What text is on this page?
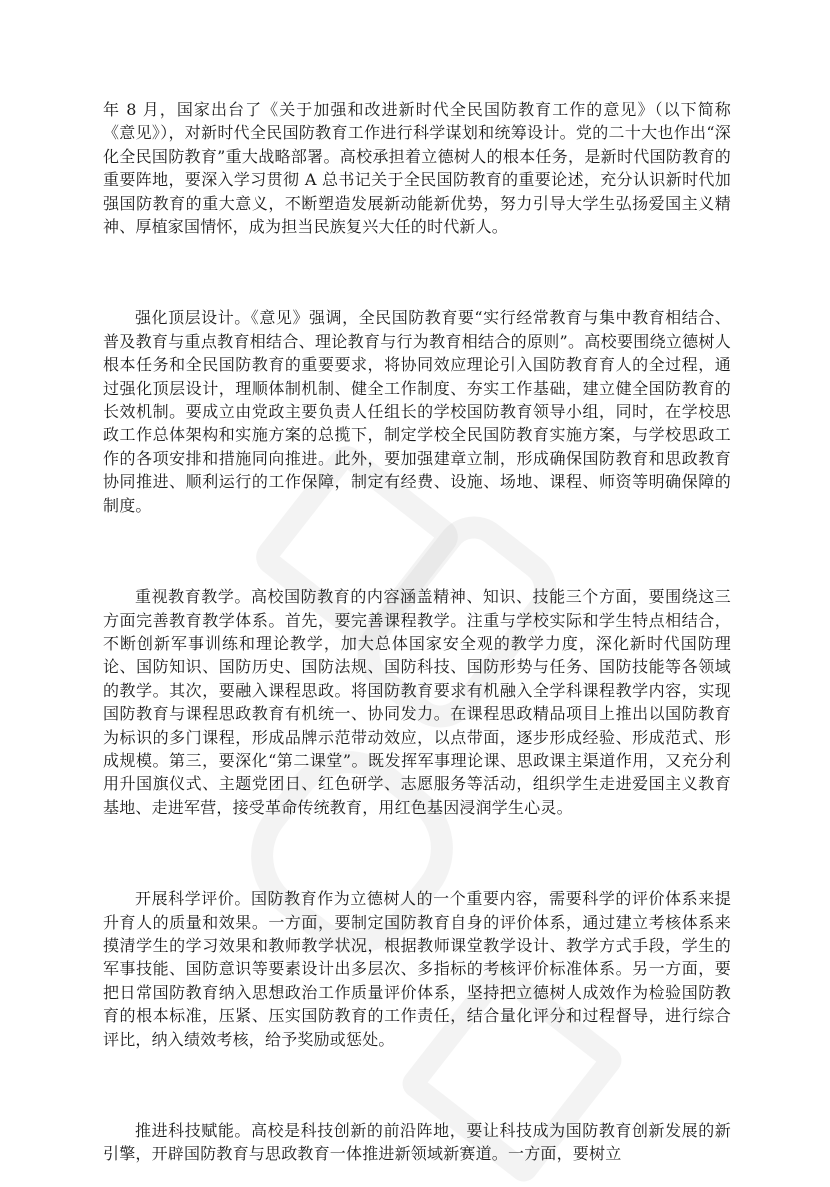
年 8 月，国家出台了《关于加强和改进新时代全民国防教育工作的意见》（以下简称《意见》），对新时代全民国防教育工作进行科学谋划和统筹设计。党的二十大也作出“深化全民国防教育”重大战略部署。高校承担着立德树人的根本任务，是新时代国防教育的重要阵地，要深入学习贯彻 A 总书记关于全民国防教育的重要论述，充分认识新时代加强国防教育的重大意义，不断塑造发展新动能新优势，努力引导大学生弘扬爱国主义精神、厚植家国情怀，成为担当民族复兴大任的时代新人。

强化顶层设计。《意见》强调，全民国防教育要“实行经常教育与集中教育相结合、普及教育与重点教育相结合、理论教育与行为教育相结合的原则”。高校要围绕立德树人根本任务和全民国防教育的重要要求，将协同效应理论引入国防教育育人的全过程，通过强化顶层设计，理顺体制机制、健全工作制度、夯实工作基础，建立健全国防教育的长效机制。要成立由党政主要负责人任组长的学校国防教育领导小组，同时，在学校思政工作总体架构和实施方案的总揽下，制定学校全民国防教育实施方案，与学校思政工作的各项安排和措施同向推进。此外，要加强建章立制，形成确保国防教育和思政教育协同推进、顺利运行的工作保障，制定有经费、设施、场地、课程、师资等明确保障的制度。

重视教育教学。高校国防教育的内容涵盖精神、知识、技能三个方面，要围绕这三方面完善教育教学体系。首先，要完善课程教学。注重与学校实际和学生特点相结合，不断创新军事训练和理论教学，加大总体国家安全观的教学力度，深化新时代国防理论、国防知识、国防历史、国防法规、国防科技、国防形势与任务、国防技能等各领域的教学。其次，要融入课程思政。将国防教育要求有机融入全学科课程教学内容，实现国防教育与课程思政教育有机统一、协同发力。在课程思政精品项目上推出以国防教育为标识的多门课程，形成品牌示范带动效应，以点带面，逐步形成经验、形成范式、形成规模。第三，要深化“第二课堂”。既发挥军事理论课、思政课主渠道作用，又充分利用升国旗仪式、主题党团日、红色研学、志愿服务等活动，组织学生走进爱国主义教育基地、走进军营，接受革命传统教育，用红色基因浸润学生心灵。

开展科学评价。国防教育作为立德树人的一个重要内容，需要科学的评价体系来提升育人的质量和效果。一方面，要制定国防教育自身的评价体系，通过建立考核体系来摸清学生的学习效果和教师教学状况，根据教师课堂教学设计、教学方式手段，学生的军事技能、国防意识等要素设计出多层次、多指标的考核评价标准体系。另一方面，要把日常国防教育纳入思想政治工作质量评价体系，坚持把立德树人成效作为检验国防教育的根本标准，压紧、压实国防教育的工作责任，结合量化评分和过程督导，进行综合评比，纳入绩效考核，给予奖励或惩处。

推进科技赋能。高校是科技创新的前沿阵地，要让科技成为国防教育创新发展的新引擎，开辟国防教育与思政教育一体推进新领域新赛道。一方面，要树立
